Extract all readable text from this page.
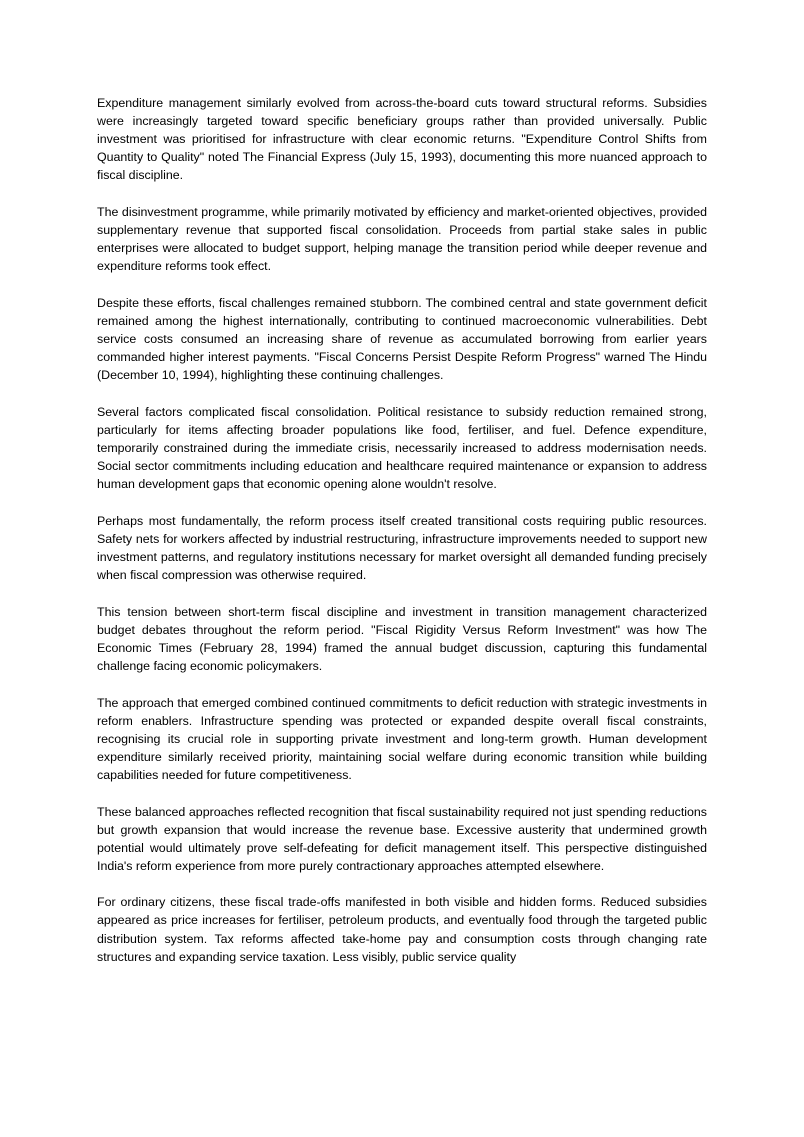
Expenditure management similarly evolved from across-the-board cuts toward structural reforms. Subsidies were increasingly targeted toward specific beneficiary groups rather than provided universally. Public investment was prioritised for infrastructure with clear economic returns. "Expenditure Control Shifts from Quantity to Quality" noted The Financial Express (July 15, 1993), documenting this more nuanced approach to fiscal discipline.

The disinvestment programme, while primarily motivated by efficiency and market-oriented objectives, provided supplementary revenue that supported fiscal consolidation. Proceeds from partial stake sales in public enterprises were allocated to budget support, helping manage the transition period while deeper revenue and expenditure reforms took effect.

Despite these efforts, fiscal challenges remained stubborn. The combined central and state government deficit remained among the highest internationally, contributing to continued macroeconomic vulnerabilities. Debt service costs consumed an increasing share of revenue as accumulated borrowing from earlier years commanded higher interest payments. "Fiscal Concerns Persist Despite Reform Progress" warned The Hindu (December 10, 1994), highlighting these continuing challenges.

Several factors complicated fiscal consolidation. Political resistance to subsidy reduction remained strong, particularly for items affecting broader populations like food, fertiliser, and fuel. Defence expenditure, temporarily constrained during the immediate crisis, necessarily increased to address modernisation needs. Social sector commitments including education and healthcare required maintenance or expansion to address human development gaps that economic opening alone wouldn't resolve.

Perhaps most fundamentally, the reform process itself created transitional costs requiring public resources. Safety nets for workers affected by industrial restructuring, infrastructure improvements needed to support new investment patterns, and regulatory institutions necessary for market oversight all demanded funding precisely when fiscal compression was otherwise required.

This tension between short-term fiscal discipline and investment in transition management characterized budget debates throughout the reform period. "Fiscal Rigidity Versus Reform Investment" was how The Economic Times (February 28, 1994) framed the annual budget discussion, capturing this fundamental challenge facing economic policymakers.

The approach that emerged combined continued commitments to deficit reduction with strategic investments in reform enablers. Infrastructure spending was protected or expanded despite overall fiscal constraints, recognising its crucial role in supporting private investment and long-term growth. Human development expenditure similarly received priority, maintaining social welfare during economic transition while building capabilities needed for future competitiveness.

These balanced approaches reflected recognition that fiscal sustainability required not just spending reductions but growth expansion that would increase the revenue base. Excessive austerity that undermined growth potential would ultimately prove self-defeating for deficit management itself. This perspective distinguished India's reform experience from more purely contractionary approaches attempted elsewhere.

For ordinary citizens, these fiscal trade-offs manifested in both visible and hidden forms. Reduced subsidies appeared as price increases for fertiliser, petroleum products, and eventually food through the targeted public distribution system. Tax reforms affected take-home pay and consumption costs through changing rate structures and expanding service taxation. Less visibly, public service quality
